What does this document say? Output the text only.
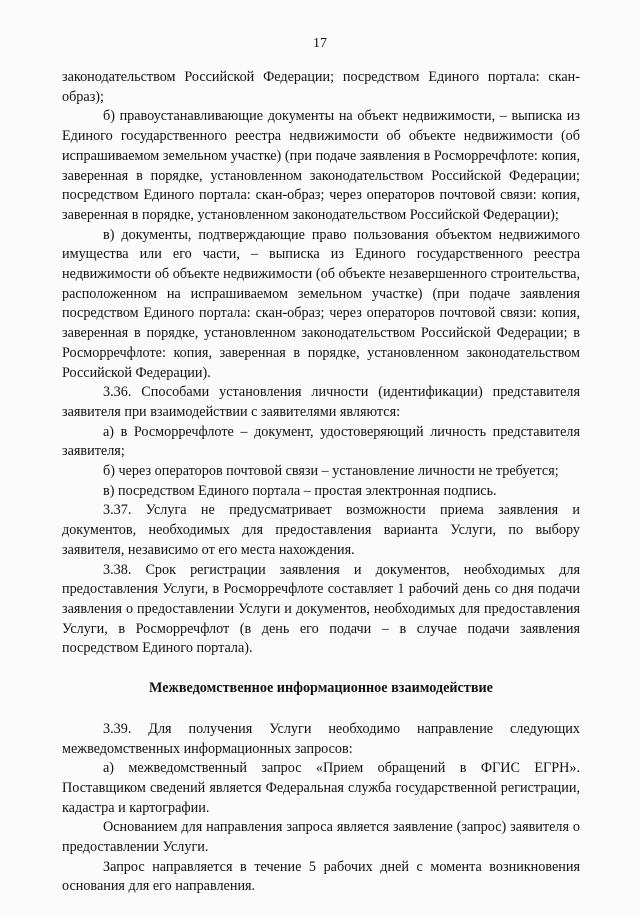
17

законодательством Российской Федерации; посредством Единого портала: скан-образ);

б) правоустанавливающие документы на объект недвижимости, – выписка из Единого государственного реестра недвижимости об объекте недвижимости (об испрашиваемом земельном участке) (при подаче заявления в Росморречфлоте: копия, заверенная в порядке, установленном законодательством Российской Федерации; посредством Единого портала: скан-образ; через операторов почтовой связи: копия, заверенная в порядке, установленном законодательством Российской Федерации);

в) документы, подтверждающие право пользования объектом недвижимого имущества или его части, – выписка из Единого государственного реестра недвижимости об объекте недвижимости (об объекте незавершенного строительства, расположенном на испрашиваемом земельном участке) (при подаче заявления посредством Единого портала: скан-образ; через операторов почтовой связи: копия, заверенная в порядке, установленном законодательством Российской Федерации; в Росморречфлоте: копия, заверенная в порядке, установленном законодательством Российской Федерации).

3.36. Способами установления личности (идентификации) представителя заявителя при взаимодействии с заявителями являются:

а) в Росморречфлоте – документ, удостоверяющий личность представителя заявителя;

б) через операторов почтовой связи – установление личности не требуется;

в) посредством Единого портала – простая электронная подпись.

3.37. Услуга не предусматривает возможности приема заявления и документов, необходимых для предоставления варианта Услуги, по выбору заявителя, независимо от его места нахождения.

3.38. Срок регистрации заявления и документов, необходимых для предоставления Услуги, в Росморречфлоте составляет 1 рабочий день со дня подачи заявления о предоставлении Услуги и документов, необходимых для предоставления Услуги, в Росморречфлот (в день его подачи – в случае подачи заявления посредством Единого портала).

Межведомственное информационное взаимодействие

3.39. Для получения Услуги необходимо направление следующих межведомственных информационных запросов:

а) межведомственный запрос «Прием обращений в ФГИС ЕГРН». Поставщиком сведений является Федеральная служба государственной регистрации, кадастра и картографии.

Основанием для направления запроса является заявление (запрос) заявителя о предоставлении Услуги.

Запрос направляется в течение 5 рабочих дней с момента возникновения основания для его направления.
